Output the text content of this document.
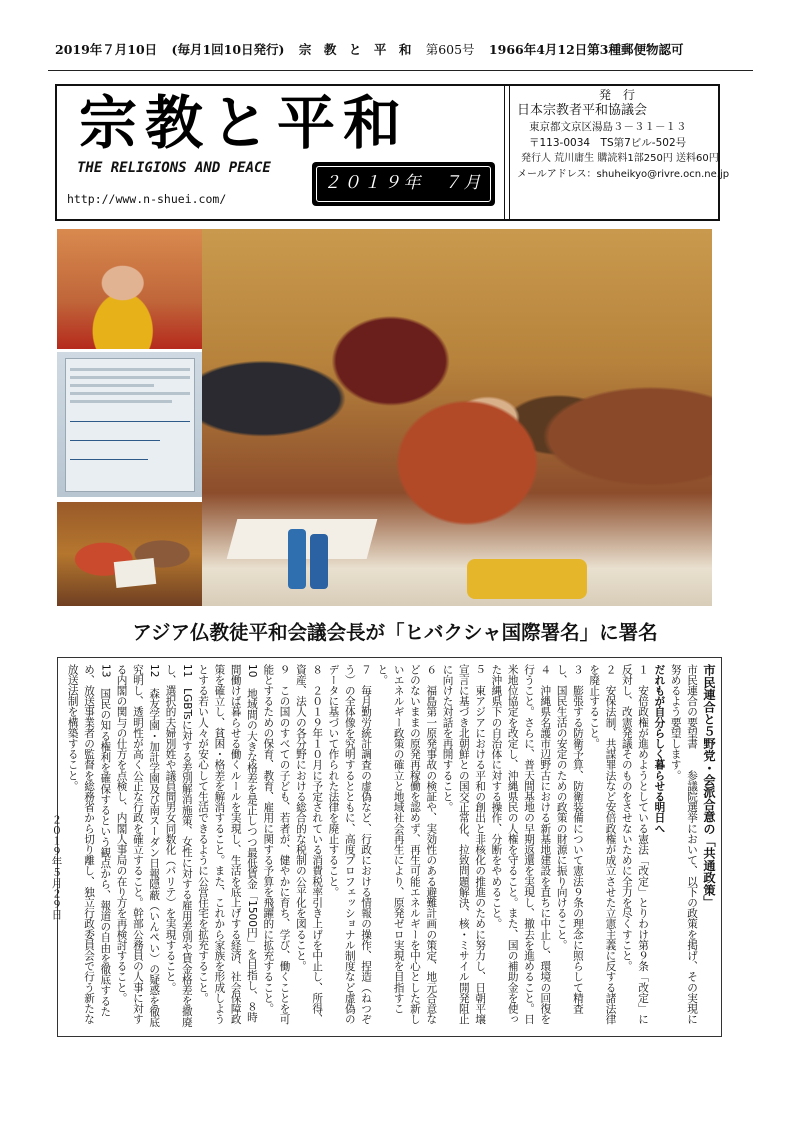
2019年７月10日 (毎月1回10日発行) 宗　教　と　平　和 第605号 1966年4月12日第3種郵便物認可
宗教と平和
THE RELIGIONS AND PEACE
http://www.n-shuei.com/
２０１９年　７月
発　行
日本宗教者平和協議会
東京都文京区湯島３－３１－１３
〒113-0034　TS第7ビル-502号
発行人 荒川庸生 購読料1部250円 送料60円
メールアドレス：shuheikyo@rivre.ocn.ne.jp
アジア仏教徒平和会議会長が「ヒバクシャ国際署名」に署名

市民連合と５野党・会派合意の「共通政策」

市民連合の要望書　　参議院選挙において、以下の政策を掲げ、その実現に努めるよう要望します。

だれもが自分らしく暮らせる明日へ

１　安倍政権が進めようとしている憲法「改定」とりわけ第９条「改定」に反対し、改憲発議そのものをさせないために全力を尽くすこと。

２　安保法制、共謀罪法など安倍政権が成立させた立憲主義に反する諸法律を廃止すること。

３　膨張する防衛予算、防衛装備について憲法９条の理念に照らして精査し、国民生活の安定のための政策の財源に振り向けること。

４　沖縄県名護市辺野古における新基地建設を直ちに中止し、環境の回復を行うこと。さらに、普天間基地の早期返還を実現し、撤去を進めること。日米地位協定を改定し、沖縄県民の人権を守ること。また、国の補助金を使った沖縄県下の自治体に対する操作、分断をやめること。

５　東アジアにおける平和の創出と非核化の推進のために努力し、日朝平壌宣言に基づき北朝鮮との国交正常化、拉致問題解決、核・ミサイル開発阻止に向けた対話を再開すること。

６　福島第一原発事故の検証や、実効性のある避難計画の策定、地元合意などのないままの原発再稼働を認めず、再生可能エネルギーを中心とした新しいエネルギー政策の確立と地域社会再生により、原発ゼロ実現を目指すこと。

７　毎月勤労統計調査の虚偽など、行政における情報の操作、捏造（ねつぞう）の全体像を究明するとともに、高度プロフェッショナル制度など虚偽のデータに基づいて作られた法律を廃止すること。

８　２０１９年１０月に予定されている消費税率引き上げを中止し、所得、資産、法人の各分野における総合的な税制の公平化を図ること。

９　この国のすべての子ども、若者が、健やかに育ち、学び、働くことを可能とするための保育、教育、雇用に関する予算を飛躍的に拡充すること。

10　地域間の大きな格差を是正しつつ最低賃金「1500円」を目指し、８時間働けば暮らせる働くルールを実現し、生活を底上げする経済、社会保障政策を確立し、貧困・格差を解消すること。また、これから家族を形成しようとする若い人々が安心して生活できるように公営住宅を拡充すること。

11　LGBTsに対する差別解消施策、女性に対する雇用差別や賃金格差を撤廃し、選択的夫婦別姓や議員間男女同数化（パリテ）を実現すること。

12　森友学園・加計学園及び南スーダン日報隠蔽（いんぺい）の疑惑を徹底究明し、透明性が高く公正な行政を確立すること。幹部公務員の人事に対する内閣の関与の仕方を点検し、内閣人事局の在り方を再検討すること。

13　国民の知る権利を確保するという観点から、報道の自由を徹底するため、放送事業者の監督を総務省から切り離し、独立行政委員会で行う新たな放送法制を構築すること。

２０１９年５月２９日
